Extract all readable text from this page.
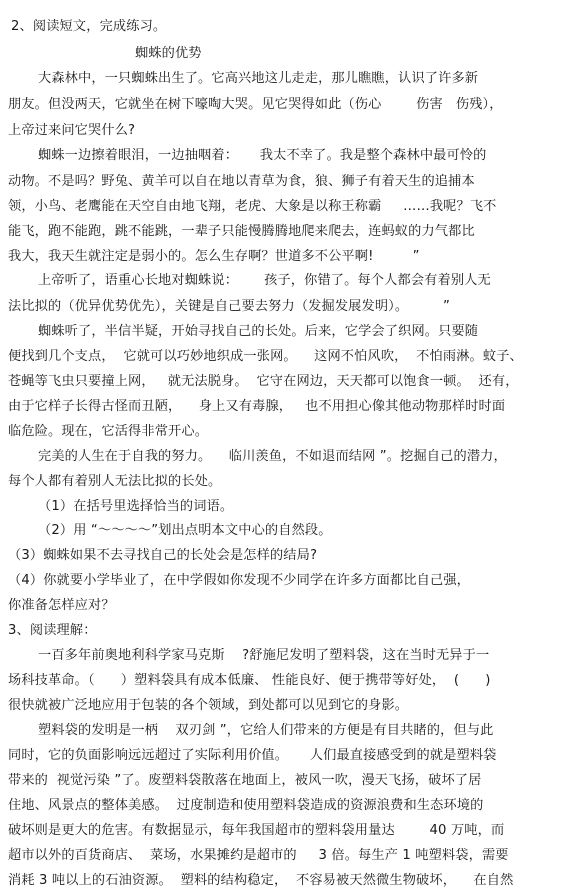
2、阅读短文，完成练习。
蜘蛛的优势
大森林中，一只蜘蛛出生了。它高兴地这儿走走，那儿瞧瞧，认识了许多新
朋友。但没两天，它就坐在树下嚎啕大哭。见它哭得如此（伤心        伤害   伤残），
上帝过来问它哭什么?
蜘蛛一边擦着眼泪，一边抽咽着：     我太不幸了。我是整个森林中最可怜的
动物。不是吗？野兔、黄羊可以自在地以青草为食，狼、狮子有着天生的追捕本
领，小鸟、老鹰能在天空自由地飞翔，老虎、大象是以称王称霸     ……我呢？飞不
能飞，跑不能跑，跳不能跳，一辈子只能慢腾腾地爬来爬去，连蚂蚁的力气都比
我大，我天生就注定是弱小的。怎么生存啊？世道多不公平啊!         ”
上帝听了，语重心长地对蜘蛛说：      孩子，你错了。每个人都会有着别人无
法比拟的（优异优势优先），关键是自己要去努力（发掘发展发明）。        ”
蜘蛛听了，半信半疑，开始寻找自己的长处。后来，它学会了织网。只要随
便找到几个支点，  它就可以巧妙地织成一张网。    这网不怕风吹，  不怕雨淋。蚊子、
苍蝇等飞虫只要撞上网，   就无法脱身。  它守在网边，天天都可以饱食一顿。  还有，
由于它样子长得古怪而丑陋，    身上又有毒腺，   也不用担心像其他动物那样时时面
临危险。现在，它活得非常开心。
完美的人生在于自我的努力。    临川羡鱼，不如退而结网 ”。挖掘自己的潜力，
每个人都有着别人无法比拟的长处。
（1）在括号里选择恰当的词语。
（2）用 “～～～～”划出点明本文中心的自然段。
（3）蜘蛛如果不去寻找自己的长处会是怎样的结局?
（4）你就要小学毕业了，在中学假如你发现不少同学在许多方面都比自己强，
你准备怎样应对？
3、阅读理解：
一百多年前奥地利科学家马克斯    ?舒施尼发明了塑料袋，这在当时无异于一
场科技革命。（      ）塑料袋具有成本低廉、 性能良好、便于携带等好处，  (      )
很快就被广泛地应用于包装的各个领域，到处都可以见到它的身影。
塑料袋的发明是一柄    双刃剑 ”，它给人们带来的方便是有目共睹的，但与此
同时，它的负面影响远远超过了实际利用价值。     人们最直接感受到的就是塑料袋
带来的  视觉污染 ”了。废塑料袋散落在地面上，被风一吹，漫天飞扬，破坏了居
住地、风景点的整体美感。  过度制造和使用塑料袋造成的资源浪费和生态环境的
破坏则是更大的危害。有数据显示，每年我国超市的塑料袋用量达        40 万吨，而
超市以外的百货商店、  菜场，水果摊约是超市的     3 倍。每生产 1 吨塑料袋，需要
消耗 3 吨以上的石油资源。  塑料的结构稳定，  不容易被天然微生物破坏，    在自然
